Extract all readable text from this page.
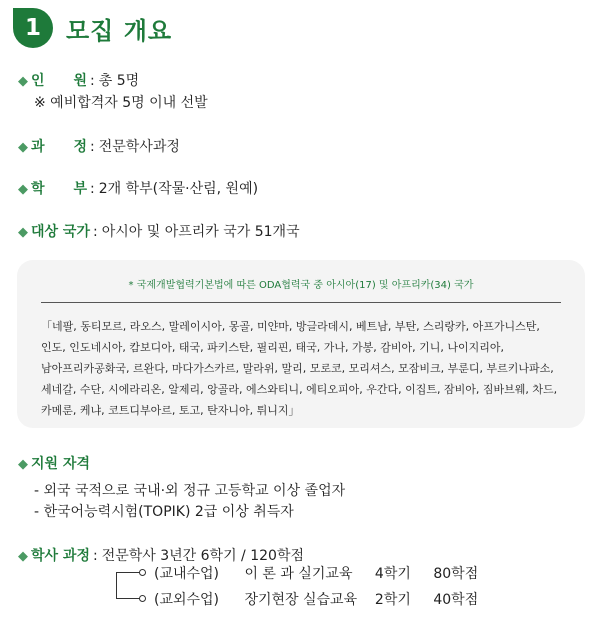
1	모집 개요
◆ 인 원 : 총 5명
※ 예비합격자 5명 이내 선발
◆ 과 정 : 전문학사과정
◆ 학 부 : 2개 학부(작물·산림, 원예)
◆ 대상 국가 : 아시아 및 아프리카 국가 51개국
* 국제개발협력기본법에 따른 ODA협력국 중 아시아(17) 및 아프리카(34) 국가
「네팔, 동티모르, 라오스, 말레이시아, 몽골, 미얀마, 방글라데시, 베트남, 부탄, 스리랑카, 아프가니스탄,
인도, 인도네시아, 캄보디아, 태국, 파키스탄, 필리핀, 태국, 가나, 가봉, 감비아, 기니, 나이지리아,
남아프리카공화국, 르완다, 마다가스카르, 말라위, 말리, 모로코, 모리셔스, 모잠비크, 부룬디, 부르키나파소,
세네갈, 수단, 시에라리온, 알제리, 앙골라, 에스와티니, 에티오피아, 우간다, 이집트, 잠비아, 짐바브웨, 차드,
카메룬, 케냐, 코트디부아르, 토고, 탄자니아, 튀니지」
◆ 지원 자격
- 외국 국적으로 국내·외 정규 고등학교 이상 졸업자
- 한국어능력시험(TOPIK) 2급 이상 취득자
◆ 학사 과정 : 전문학사 3년간 6학기 / 120학점
(교내수업) 이 론 과 실기교육 4학기 80학점
(교외수업) 장기현장 실습교육 2학기 40학점
